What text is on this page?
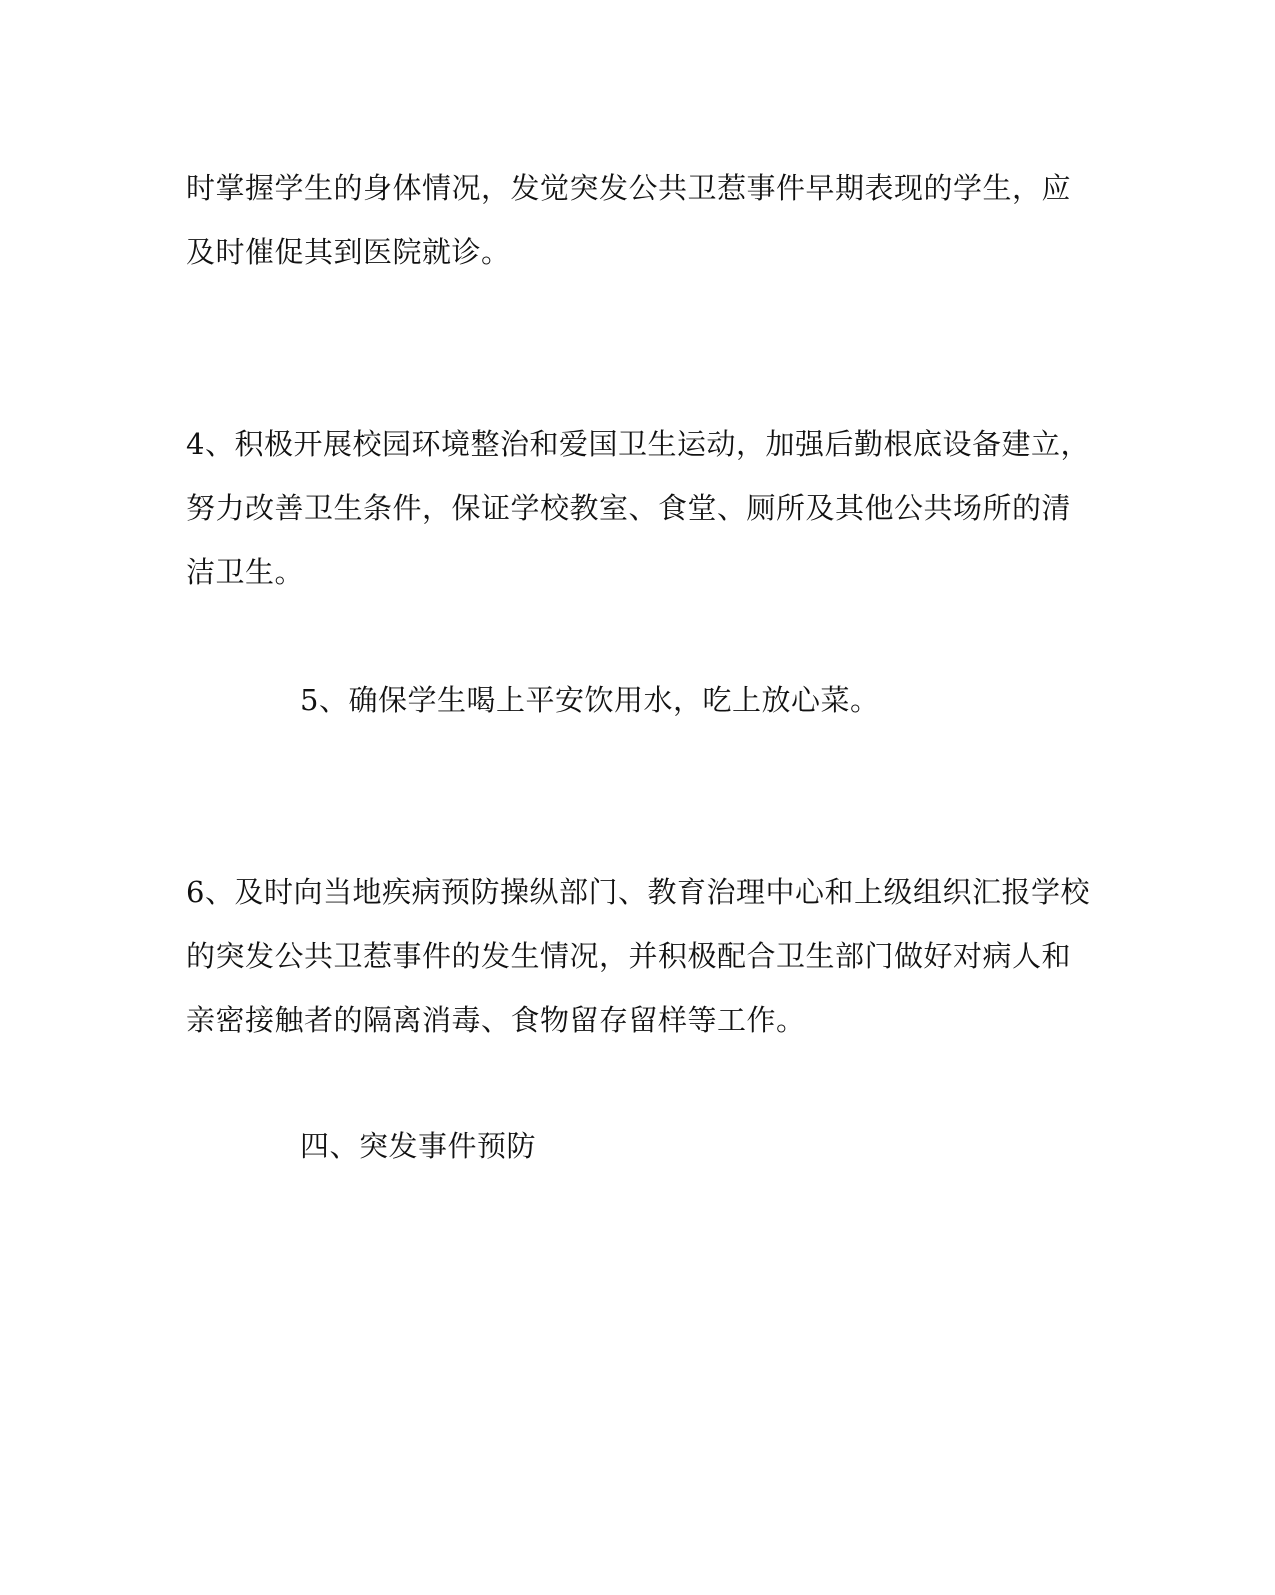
时掌握学生的身体情况，发觉突发公共卫惹事件早期表现的学生，应
及时催促其到医院就诊。
4、积极开展校园环境整治和爱国卫生运动，加强后勤根底设备建立，
努力改善卫生条件，保证学校教室、食堂、厕所及其他公共场所的清
洁卫生。
5、确保学生喝上平安饮用水，吃上放心菜。
6、及时向当地疾病预防操纵部门、教育治理中心和上级组织汇报学校
的突发公共卫惹事件的发生情况，并积极配合卫生部门做好对病人和
亲密接触者的隔离消毒、食物留存留样等工作。
四、突发事件预防
